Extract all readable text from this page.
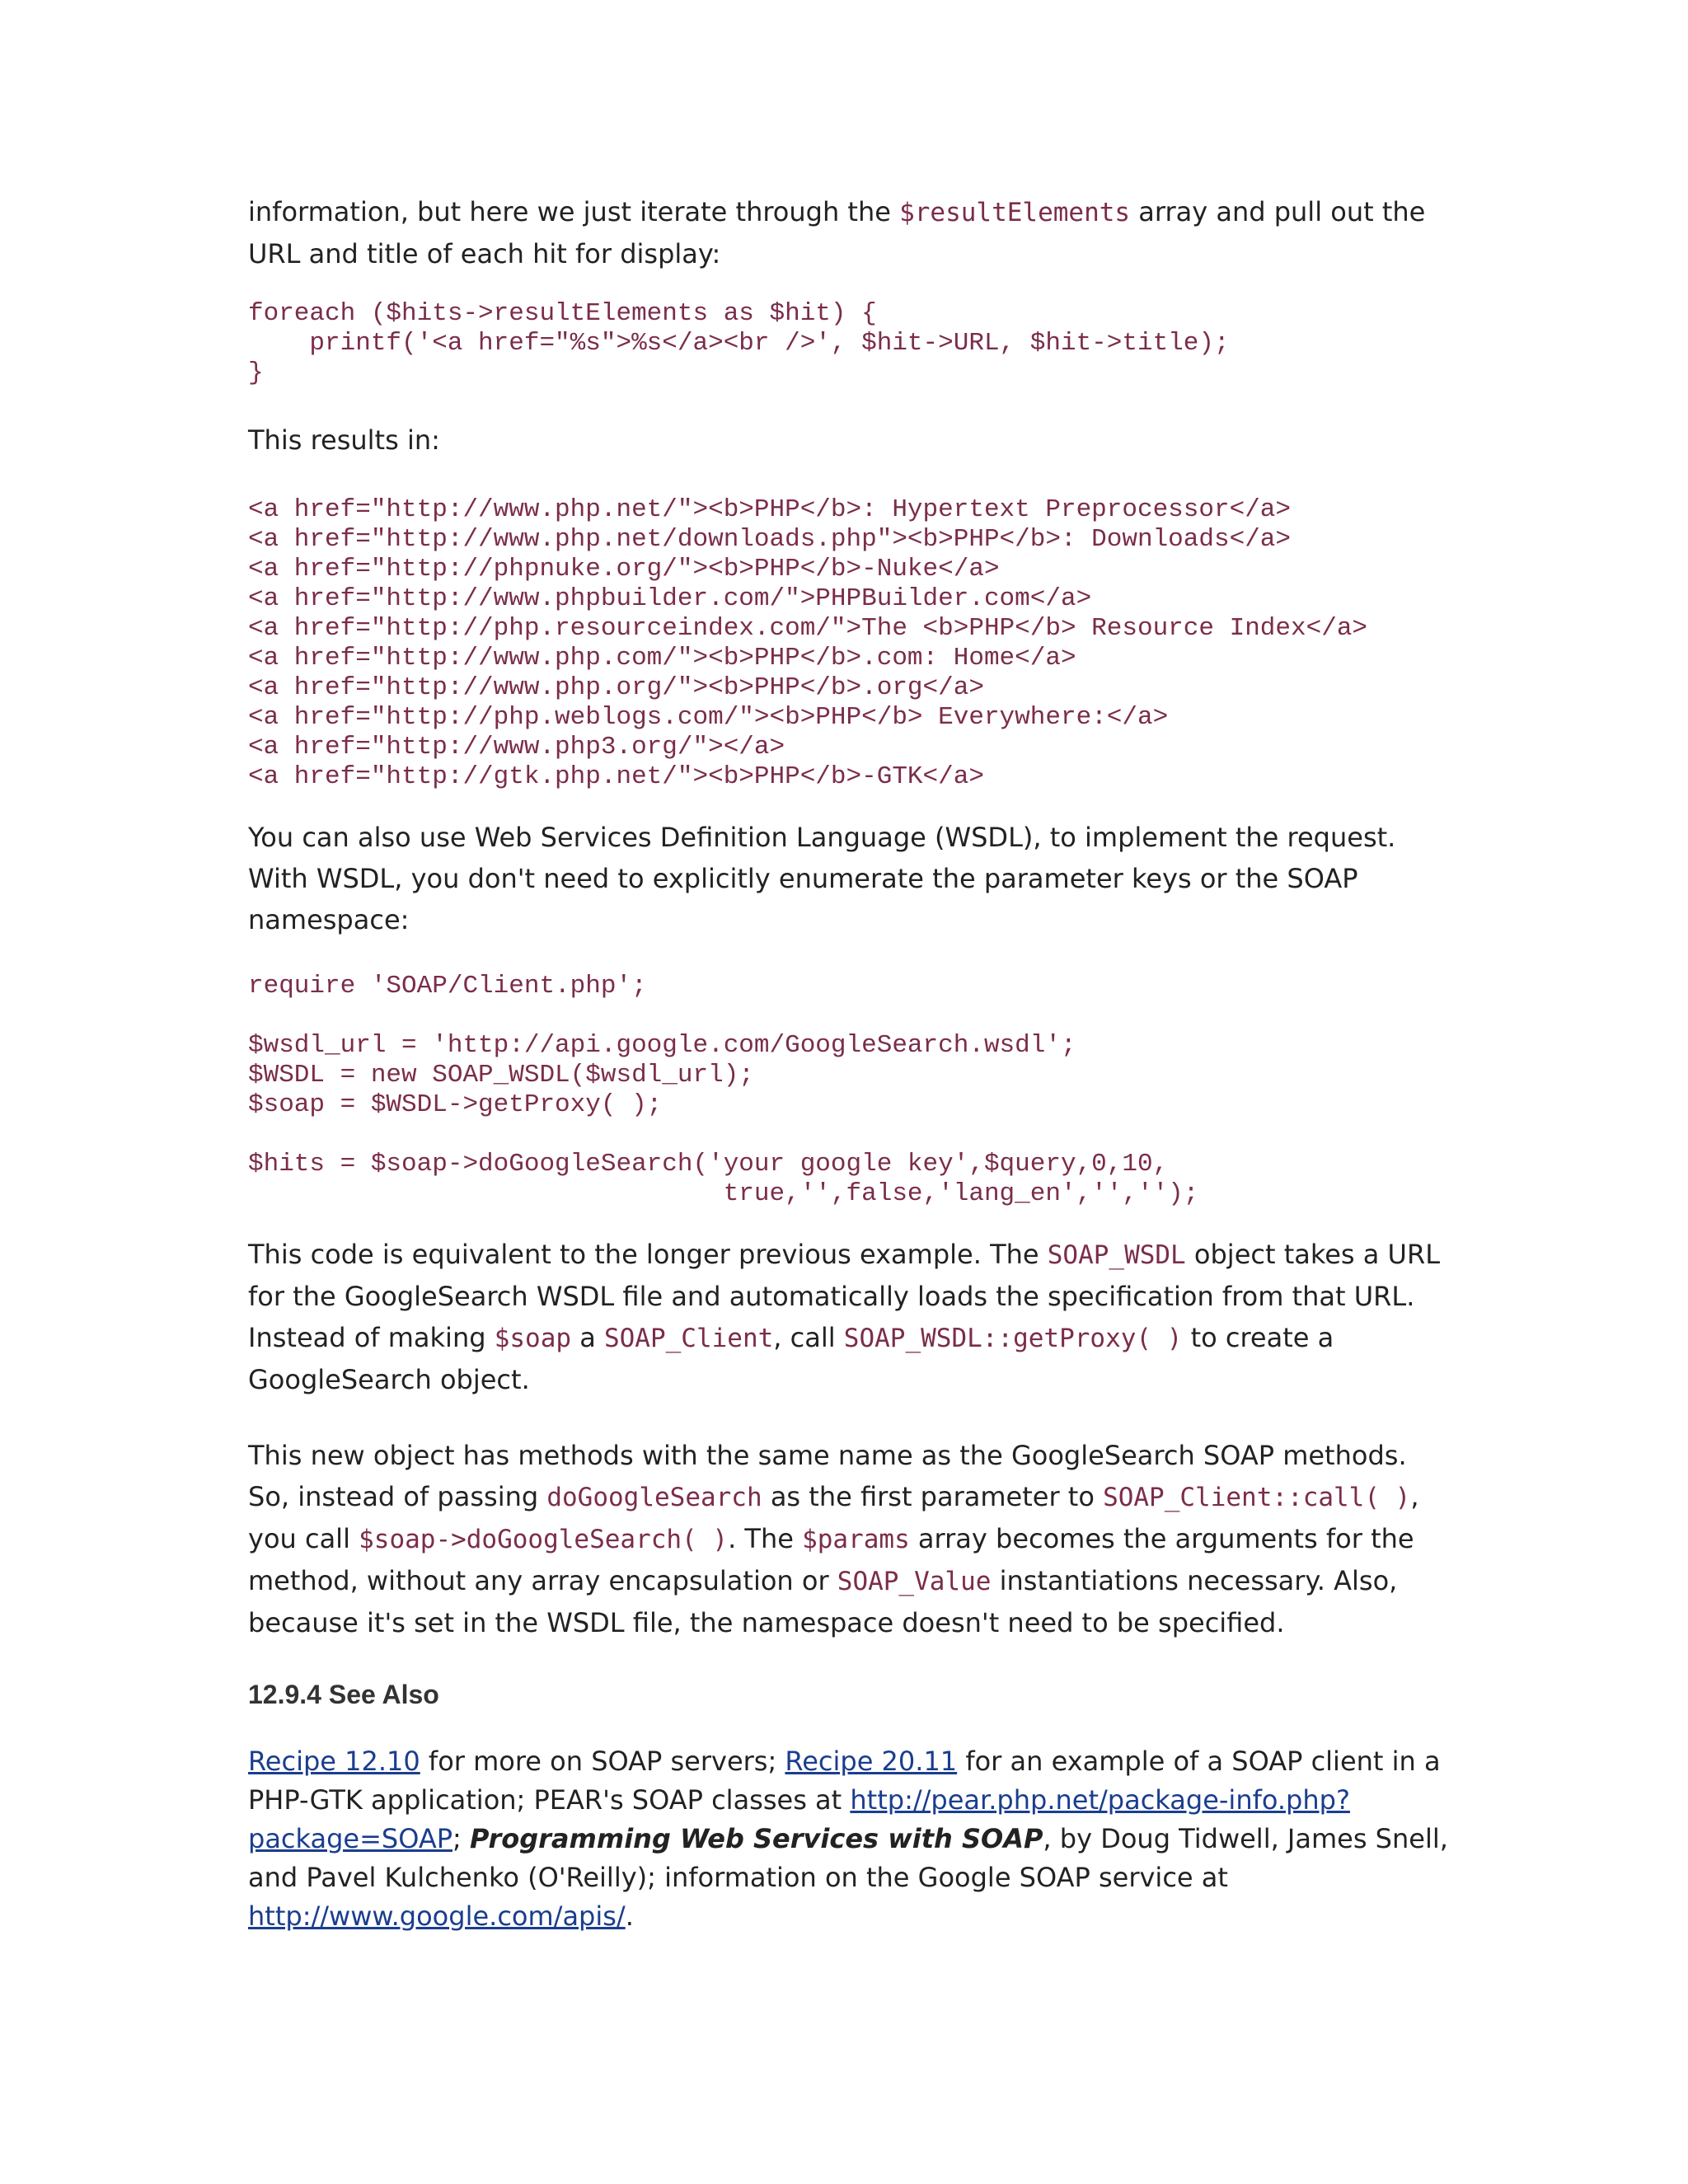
information, but here we just iterate through the $resultElements array and pull out the URL and title of each hit for display:

foreach ($hits->resultElements as $hit) {
printf('<a href="%s">%s</a><br />', $hit->URL, $hit->title);
}

This results in:

<a href="http://www.php.net/"><b>PHP</b>: Hypertext Preprocessor</a>
<a href="http://www.php.net/downloads.php"><b>PHP</b>: Downloads</a>
<a href="http://phpnuke.org/"><b>PHP</b>-Nuke</a>
<a href="http://www.phpbuilder.com/">PHPBuilder.com</a>
<a href="http://php.resourceindex.com/">The <b>PHP</b> Resource Index</a>
<a href="http://www.php.com/"><b>PHP</b>.com: Home</a>
<a href="http://www.php.org/"><b>PHP</b>.org</a>
<a href="http://php.weblogs.com/"><b>PHP</b> Everywhere:</a>
<a href="http://www.php3.org/"></a>
<a href="http://gtk.php.net/"><b>PHP</b>-GTK</a>

You can also use Web Services Definition Language (WSDL), to implement the request. With WSDL, you don't need to explicitly enumerate the parameter keys or the SOAP namespace:

require 'SOAP/Client.php';

$wsdl_url = 'http://api.google.com/GoogleSearch.wsdl';
$WSDL = new SOAP_WSDL($wsdl_url);
$soap = $WSDL->getProxy( );

$hits = $soap->doGoogleSearch('your google key',$query,0,10,
true,'',false,'lang_en','','');

This code is equivalent to the longer previous example. The SOAP_WSDL object takes a URL for the GoogleSearch WSDL file and automatically loads the specification from that URL. Instead of making $soap a SOAP_Client, call SOAP_WSDL::getProxy( ) to create a GoogleSearch object.

This new object has methods with the same name as the GoogleSearch SOAP methods. So, instead of passing doGoogleSearch as the first parameter to SOAP_Client::call( ), you call $soap->doGoogleSearch( ). The $params array becomes the arguments for the method, without any array encapsulation or SOAP_Value instantiations necessary. Also, because it's set in the WSDL file, the namespace doesn't need to be specified.

12.9.4 See Also

Recipe 12.10 for more on SOAP servers; Recipe 20.11 for an example of a SOAP client in a PHP-GTK application; PEAR's SOAP classes at http://pear.php.net/package-info.php?package=SOAP; Programming Web Services with SOAP, by Doug Tidwell, James Snell, and Pavel Kulchenko (O'Reilly); information on the Google SOAP service at http://www.google.com/apis/.
